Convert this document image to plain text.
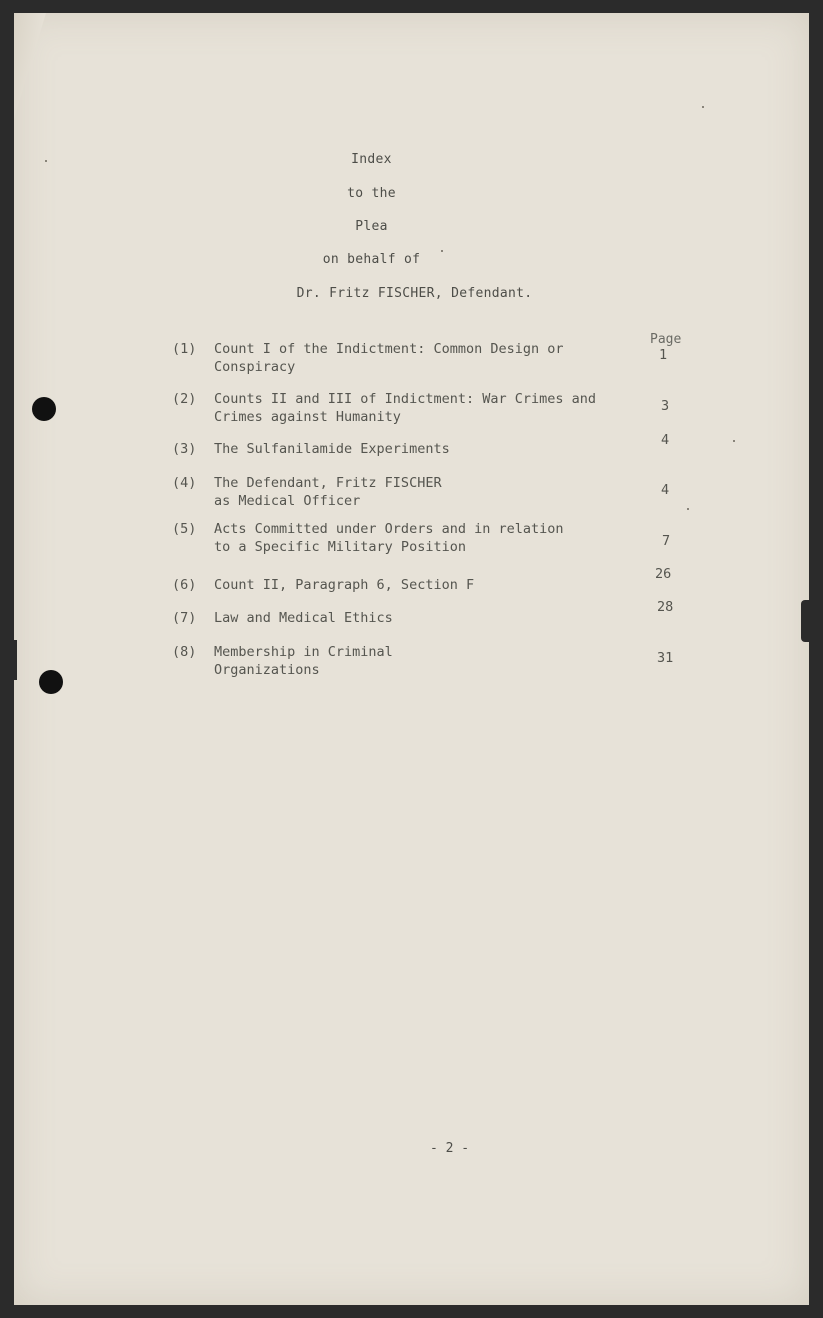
Index
to the
Plea
on behalf of
Dr. Fritz FISCHER, Defendant.
Page
(1) Count I of the Indictment: Common Design or
Conspiracy
1
(2) Counts II and III of Indictment: War Crimes and
Crimes against Humanity
3
(3) The Sulfanilamide Experiments
4
(4) The Defendant, Fritz FISCHER
as Medical Officer
4
(5) Acts Committed under Orders and in relation
to a Specific Military Position	7
(6) Count II, Paragraph 6, Section F
26
(7) Law and Medical Ethics
28
(8) Membership in Criminal
Organizations
31
- 2 -
